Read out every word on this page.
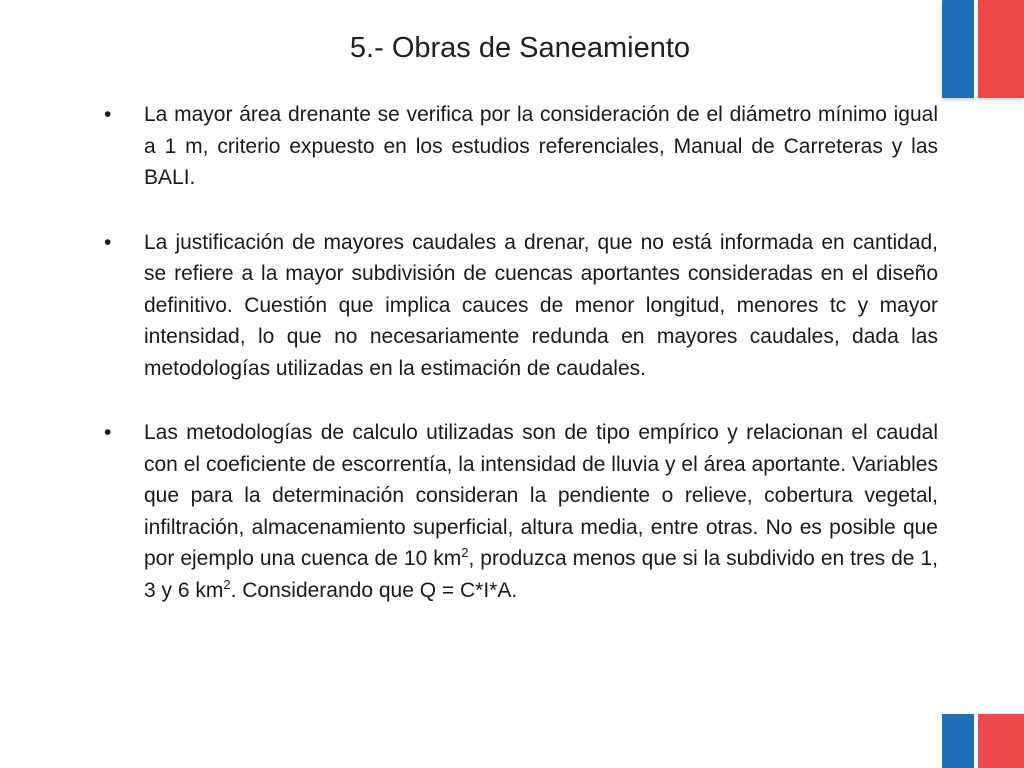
5.- Obras de Saneamiento

•	La mayor área drenante se verifica por la consideración de el diámetro mínimo igual a 1 m, criterio expuesto en los estudios referenciales, Manual de Carreteras y las BALI.

•	La justificación de mayores caudales a drenar, que no está informada en cantidad, se refiere a la mayor subdivisión de cuencas aportantes consideradas en el diseño definitivo. Cuestión que implica cauces de menor longitud, menores tc y mayor intensidad, lo que no necesariamente redunda en mayores caudales, dada las metodologías utilizadas en la estimación de caudales.

•	Las metodologías de calculo utilizadas son de tipo empírico y relacionan el caudal con el coeficiente de escorrentía, la intensidad de lluvia y el área aportante. Variables que para la determinación consideran la pendiente o relieve, cobertura vegetal, infiltración, almacenamiento superficial, altura media, entre otras. No es posible que por ejemplo una cuenca de 10 $km^2$, produzca menos que si la subdivido en tres de 1, 3 y 6 $km^2$. Considerando que Q = C*I*A.
